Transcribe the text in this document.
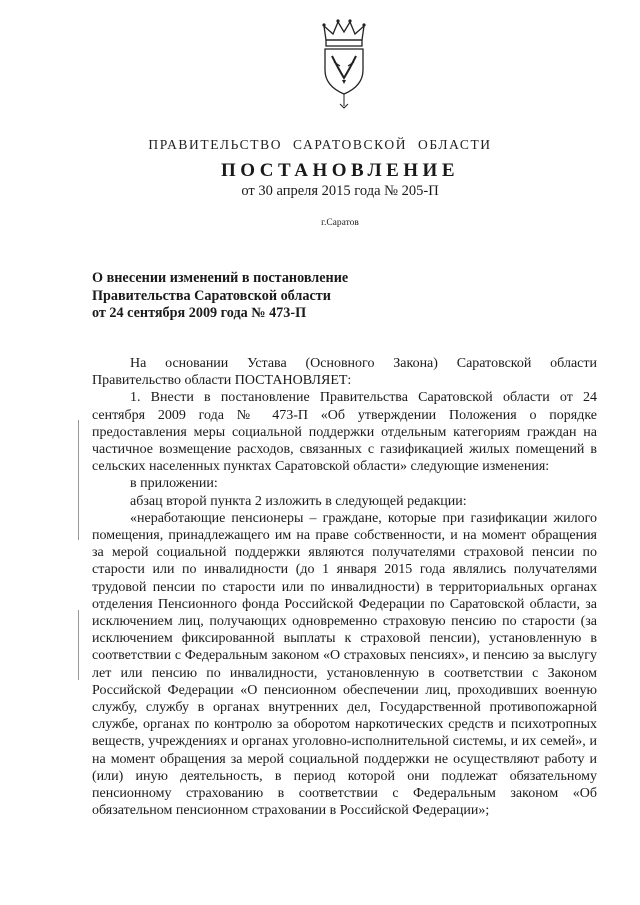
ПРАВИТЕЛЬСТВО САРАТОВСКОЙ ОБЛАСТИ
ПОСТАНОВЛЕНИЕ
от 30 апреля 2015 года № 205-П
г.Саратов
О внесении изменений в постановление
Правительства Саратовской области
от 24 сентября 2009 года № 473-П

На основании Устава (Основного Закона) Саратовской области Правительство области ПОСТАНОВЛЯЕТ:

1. Внести в постановление Правительства Саратовской области от 24 сентября 2009 года № 473-П «Об утверждении Положения о порядке предоставления меры социальной поддержки отдельным категориям граждан на частичное возмещение расходов, связанных с газификацией жилых помещений в сельских населенных пунктах Саратовской области» следующие изменения:

в приложении:

абзац второй пункта 2 изложить в следующей редакции:

«неработающие пенсионеры – граждане, которые при газификации жилого помещения, принадлежащего им на праве собственности, и на момент обращения за мерой социальной поддержки являются получателями страховой пенсии по старости или по инвалидности (до 1 января 2015 года являлись получателями трудовой пенсии по старости или по инвалидности) в территориальных органах отделения Пенсионного фонда Российской Федерации по Саратовской области, за исключением лиц, получающих одновременно страховую пенсию по старости (за исключением фиксированной выплаты к страховой пенсии), установленную в соответствии с Федеральным законом «О страховых пенсиях», и пенсию за выслугу лет или пенсию по инвалидности, установленную в соответствии с Законом Российской Федерации «О пенсионном обеспечении лиц, проходивших военную службу, службу в органах внутренних дел, Государственной противопожарной службе, органах по контролю за оборотом наркотических средств и психотропных веществ, учреждениях и органах уголовно-исполнительной системы, и их семей», и на момент обращения за мерой социальной поддержки не осуществляют работу и (или) иную деятельность, в период которой они подлежат обязательному пенсионному страхованию в соответствии с Федеральным законом «Об обязательном пенсионном страховании в Российской Федерации»;
